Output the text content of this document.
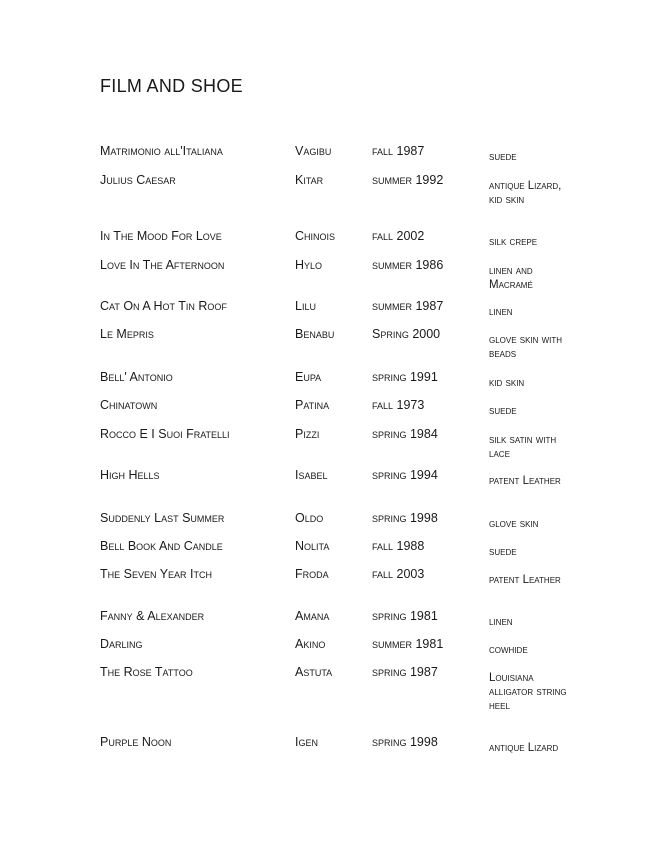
FILM AND SHOE
Matrimonio all'Italiana	Vagibu	fall 1987	suede
Julius Caesar	Kitar	summer 1992	antique Lizard, kid skin
In The Mood For Love	Chinois	fall 2002	silk crepe
Love In The Afternoon	Hylo	summer 1986	linen and Macramé
Cat On A Hot Tin Roof	Lilu	summer 1987	linen
Le Mepris	Benabu	Spring 2000	glove skin with beads
Bell' Antonio	Eupa	spring 1991	kid skin
Chinatown	Patina	fall 1973	suede
Rocco E I Suoi Fratelli	Pizzi	spring 1984	silk satin with lace
High Hells	Isabel	spring 1994	patent Leather
Suddenly Last Summer	Oldo	spring 1998	glove skin
Bell Book And Candle	Nolita	fall 1988	suede
The Seven Year Itch	Froda	fall 2003	patent Leather
Fanny & Alexander	Amana	spring 1981	linen
Darling	Akino	summer 1981	cowhide
The Rose Tattoo	Astuta	spring 1987	Louisiana alligator string heel
Purple Noon	Igen	spring 1998	antique Lizard
